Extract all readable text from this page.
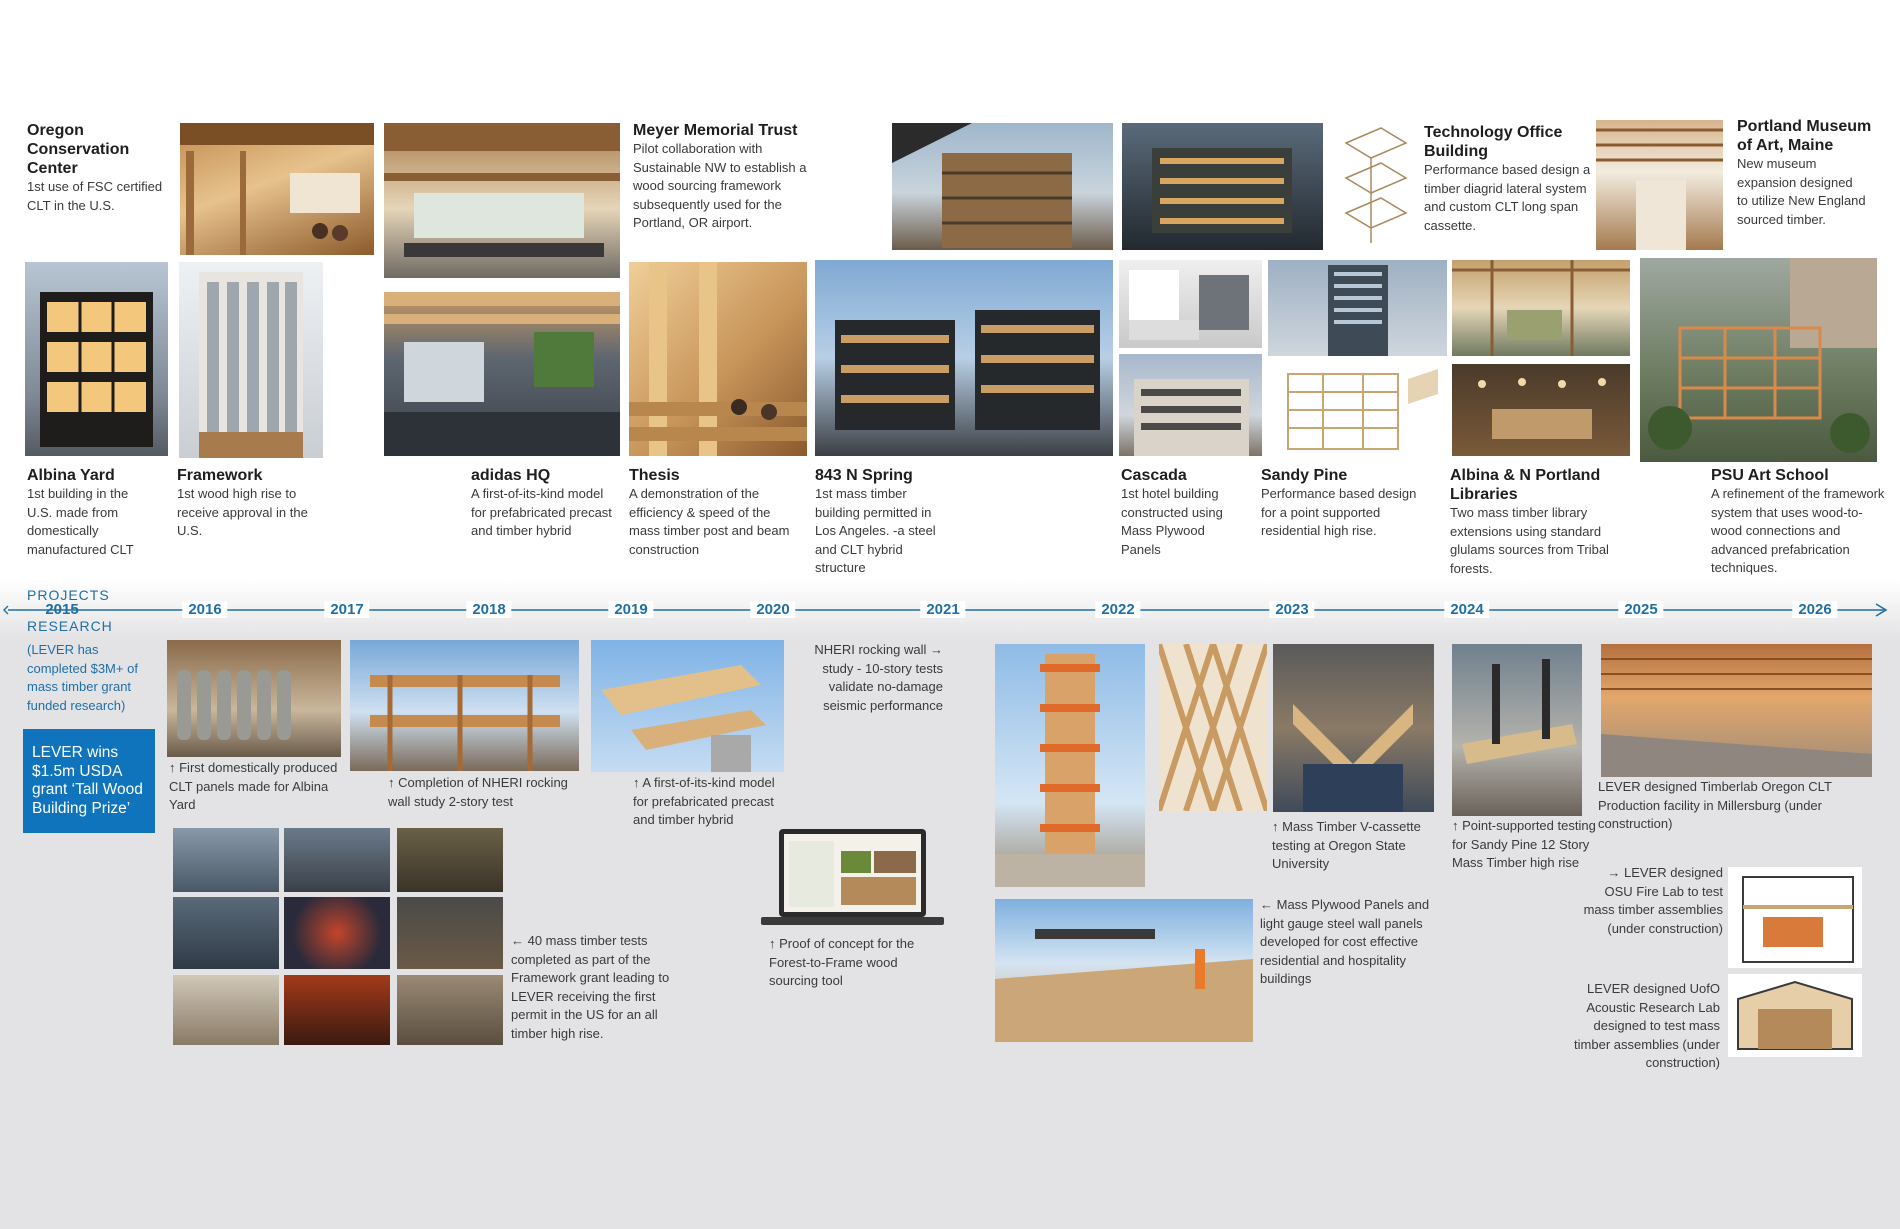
Oregon Conservation Center
1st use of FSC certified CLT in the U.S.
Meyer Memorial Trust
Pilot collaboration with Sustainable NW to establish a wood sourcing framework subsequently used for the Portland, OR airport.
Technology Office Building
Performance based design a timber diagrid lateral system and custom CLT long span cassette.
Portland Museum of Art, Maine
New museum expansion designed to utilize New England sourced timber.
Albina Yard
1st building in the U.S. made from domestically manufactured CLT
Framework
1st wood high rise to receive approval in the U.S.
adidas HQ
A first-of-its-kind model for prefabricated precast and timber hybrid
Thesis
A demonstration of the efficiency & speed of the mass timber post and beam construction
843 N Spring
1st mass timber building permitted in Los Angeles. -a steel and CLT hybrid structure
Cascada
1st hotel building constructed using Mass Plywood Panels
Sandy Pine
Performance based design for a point supported residential high rise.
Albina & N Portland Libraries
Two mass timber library extensions using standard glulams sources from Tribal forests.
PSU Art School
A refinement of the framework system that uses wood-to-wood connections and advanced prefabrication techniques.
PROJECTS
RESEARCH
2015	2016	2017	2018	2019	2020	2021	2022	2023	2024	2025	2026
(LEVER has completed $3M+ of mass timber grant funded research)
LEVER wins $1.5m USDA grant ‘Tall Wood Building Prize’
↑ First domestically produced CLT panels made for Albina Yard
↑ Completion of NHERI rocking wall study 2-story test
↑ A first-of-its-kind model for prefabricated precast and timber hybrid
NHERI rocking wall → study - 10-story tests validate no-damage seismic performance
↑ Mass Timber V-cassette testing at Oregon State University
↑ Point-supported testing for Sandy Pine 12 Story Mass Timber high rise
LEVER designed Timberlab Oregon CLT Production facility in Millersburg (under construction)
← 40 mass timber tests completed as part of the Framework grant leading to LEVER receiving the first permit in the US for an all timber high rise.
↑ Proof of concept for the Forest-to-Frame wood sourcing tool
← Mass Plywood Panels and light gauge steel wall panels developed for cost effective residential and hospitality buildings
→ LEVER designed OSU Fire Lab to test mass timber assemblies (under construction)
LEVER designed UofO Acoustic Research Lab designed to test mass timber assemblies (under construction)
